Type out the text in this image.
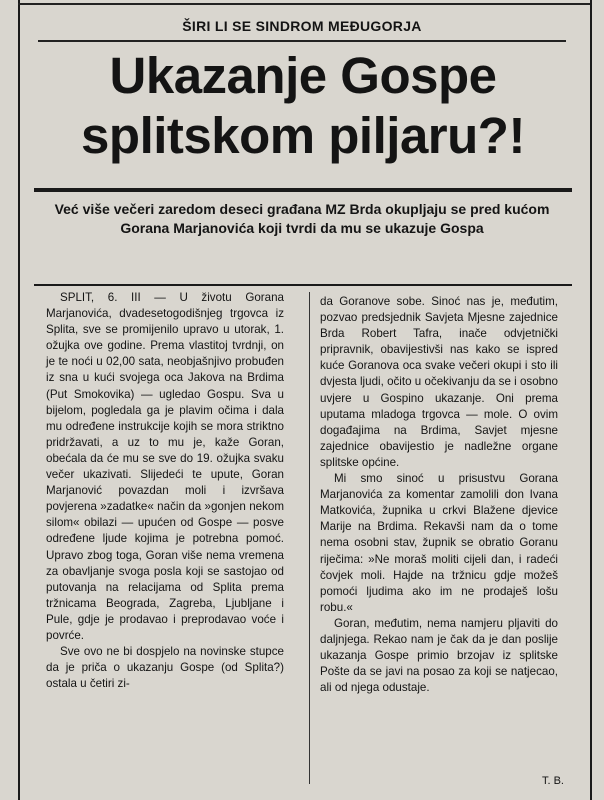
ŠIRI LI SE SINDROM MEĐUGORJA
Ukazanje Gospe splitskom piljaru?!
Već više večeri zaredom deseci građana MZ Brda okupljaju se pred kućom Gorana Marjanovića koji tvrdi da mu se ukazuje Gospa

SPLIT, 6. III — U životu Gorana Marjanovića, dvadesetogodišnjeg trgovca iz Splita, sve se promijenilo upravo u utorak, 1. ožujka ove godine. Prema vlastitoj tvrdnji, on je te noći u 02,00 sata, neobjašnjivo probuđen iz sna u kući svojega oca Jakova na Brdima (Put Smokovika) — ugledao Gospu. Sva u bijelom, pogledala ga je plavim očima i dala mu određene instrukcije kojih se mora striktno pridržavati, a uz to mu je, kaže Goran, obećala da će mu se sve do 19. ožujka svaku večer ukazivati. Slijedeći te upute, Goran Marjanović povazdan moli i izvršava povjerena »zadatke« način da »gonjen nekom silom« obilazi — upućen od Gospe — posve određene ljude kojima je potrebna pomoć. Upravo zbog toga, Goran više nema vremena za obavljanje svoga posla koji se sastojao od putovanja na relacijama od Splita prema tržnicama Beograda, Zagreba, Ljubljane i Pule, gdje je prodavao i preprodavao voće i povrće.

Sve ovo ne bi dospjelo na novinske stupce da je priča o ukazanju Gospe (od Splita?) ostala u četiri zi-

da Goranove sobe. Sinoć nas je, međutim, pozvao predsjednik Savjeta Mjesne zajednice Brda Robert Tafra, inače odvjetnički pripravnik, obavijestivši nas kako se ispred kuće Goranova oca svake večeri okupi i sto ili dvjesta ljudi, očito u očekivanju da se i osobno uvjere u Gospino ukazanje. Oni prema uputama mladoga trgovca — mole. O ovim događajima na Brdima, Savjet mjesne zajednice obavijestio je nadležne organe splitske općine.

Mi smo sinoć u prisustvu Gorana Marjanovića za komentar zamolili don Ivana Matkovića, župnika u crkvi Blažene djevice Marije na Brdima. Rekavši nam da o tome nema osobni stav, župnik se obratio Goranu riječima: »Ne moraš moliti cijeli dan, i radeći čovjek moli. Hajde na tržnicu gdje možeš pomoći ljudima ako im ne prodaješ lošu robu.«

Goran, međutim, nema namjeru pljaviti do daljnjega. Rekao nam je čak da je dan poslije ukazanja Gospe primio brzojav iz splitske Pošte da se javi na posao za koji se natjecao, ali od njega odustaje.

T. B.
